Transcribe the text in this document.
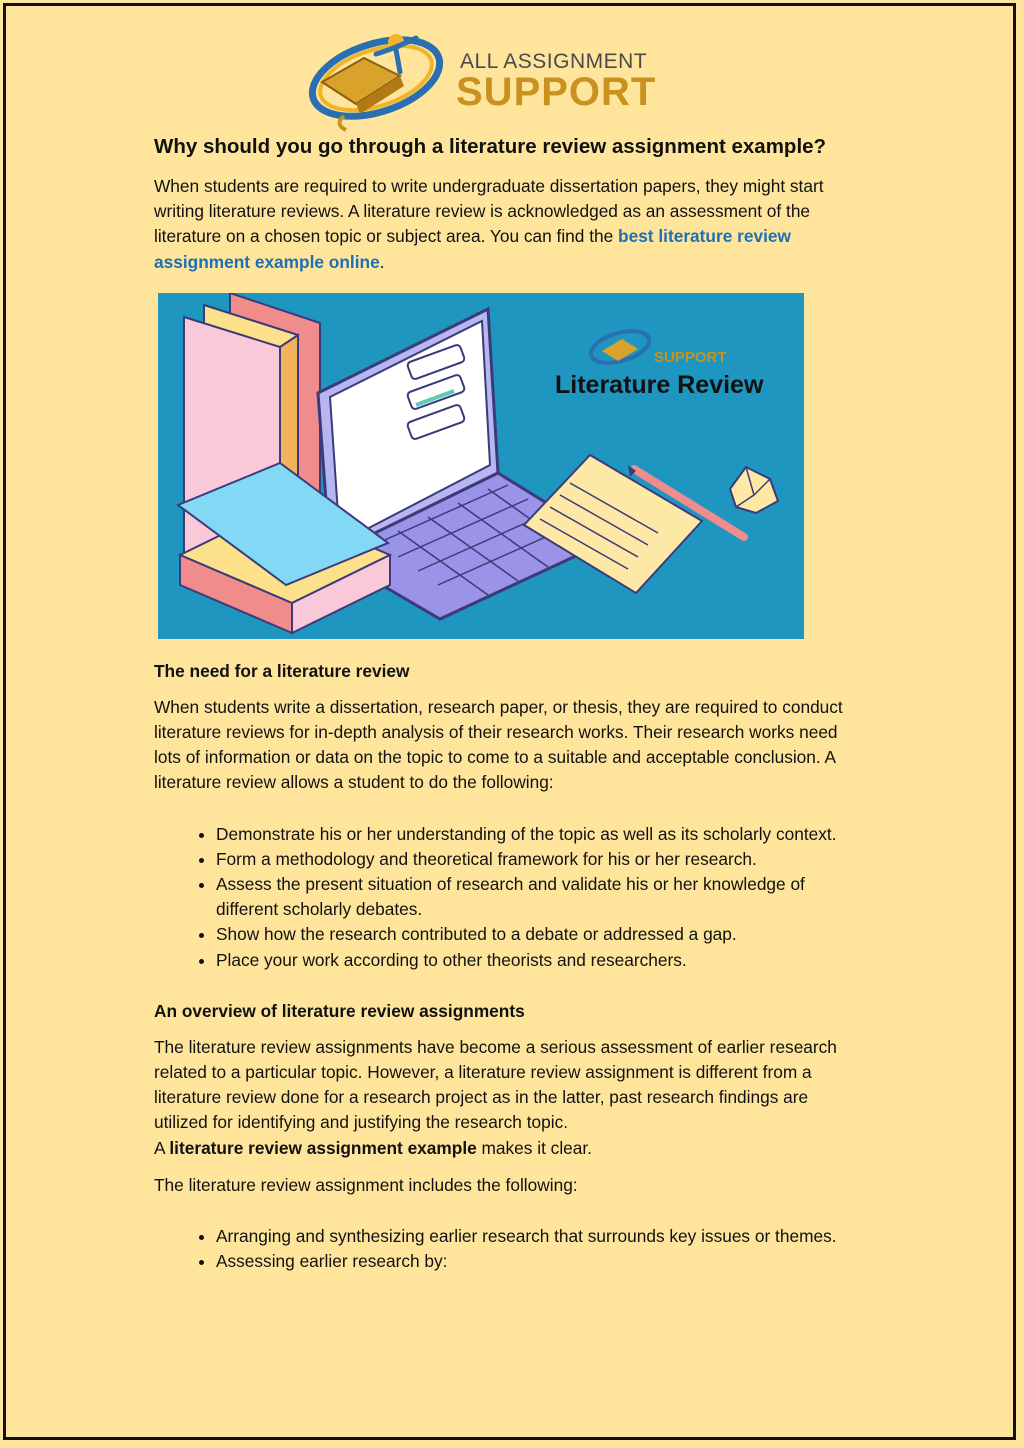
ALL ASSIGNMENT
SUPPORT
Why should you go through a literature review assignment example?

When students are required to write undergraduate dissertation papers, they might start writing literature reviews. A literature review is acknowledged as an assessment of the literature on a chosen topic or subject area. You can find the best literature review assignment example online.

SUPPORT
Literature Review
The need for a literature review

When students write a dissertation, research paper, or thesis, they are required to conduct literature reviews for in-depth analysis of their research works. Their research works need lots of information or data on the topic to come to a suitable and acceptable conclusion. A literature review allows a student to do the following:

• Demonstrate his or her understanding of the topic as well as its scholarly context.
• Form a methodology and theoretical framework for his or her research.
• Assess the present situation of research and validate his or her knowledge of different scholarly debates.
• Show how the research contributed to a debate or addressed a gap.
• Place your work according to other theorists and researchers.
An overview of literature review assignments

The literature review assignments have become a serious assessment of earlier research related to a particular topic. However, a literature review assignment is different from a literature review done for a research project as in the latter, past research findings are utilized for identifying and justifying the research topic.
A literature review assignment example makes it clear.

The literature review assignment includes the following:

• Arranging and synthesizing earlier research that surrounds key issues or themes.
• Assessing earlier research by:
